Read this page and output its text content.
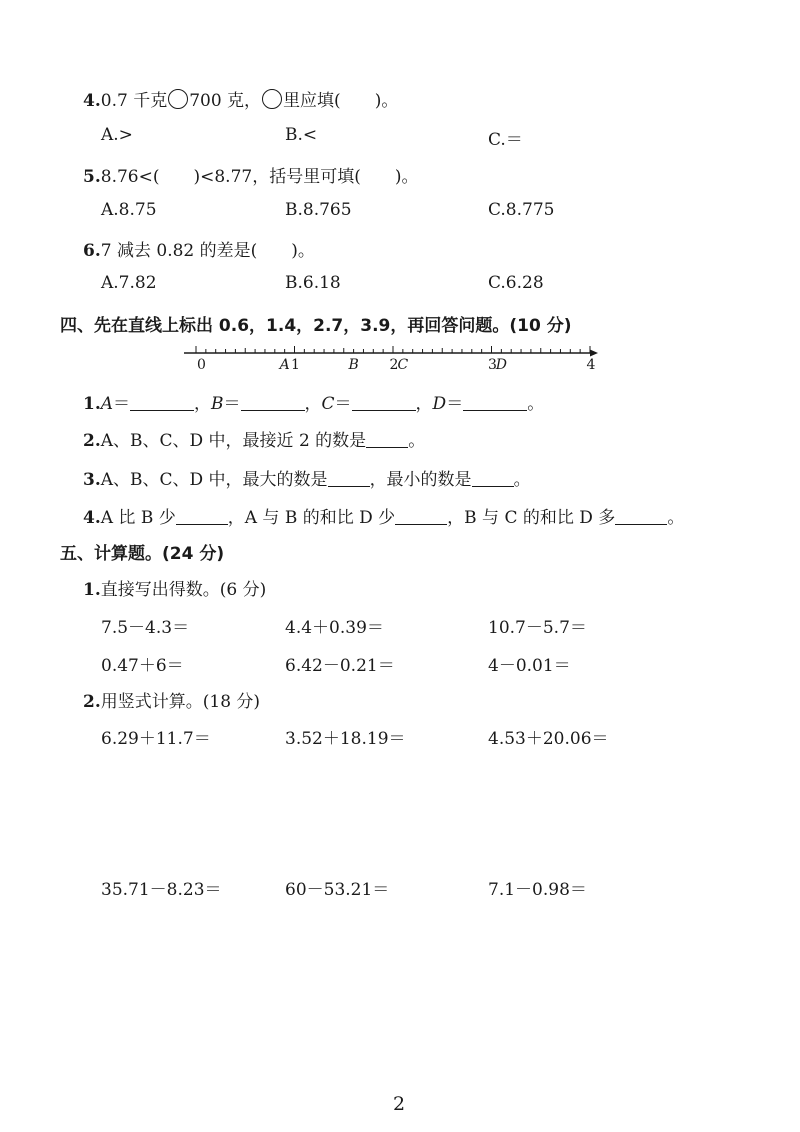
4.0.7 千克 700 克， 里应填(　　)。
A.>	B.<	C.＝
5.8.76<(　　)<8.77，括号里可填(　　)。
A.8.75	B.8.765	C.8.775
6.7 减去 0.82 的差是(　　)。
A.7.82	B.6.18	C.6.28
四、先在直线上标出 0.6，1.4，2.7，3.9，再回答问题。(10 分)
0	1	2	3	4
A	B	C	D
1.A＝	，B＝	，C＝	，D＝	。
2.A、B、C、D 中，最接近 2 的数是 。
3.A、B、C、D 中，最大的数是 ，最小的数是 。
4.A 比 B 少	，A 与 B 的和比 D 少	，B 与 C 的和比 D 多	。
五、计算题。(24 分)
1.直接写出得数。(6 分)
7.5－4.3＝	4.4＋0.39＝	10.7－5.7＝
0.47＋6＝	6.42－0.21＝	4－0.01＝
2.用竖式计算。(18 分)
6.29＋11.7＝	3.52＋18.19＝	4.53＋20.06＝
35.71－8.23＝	60－53.21＝	7.1－0.98＝
2
